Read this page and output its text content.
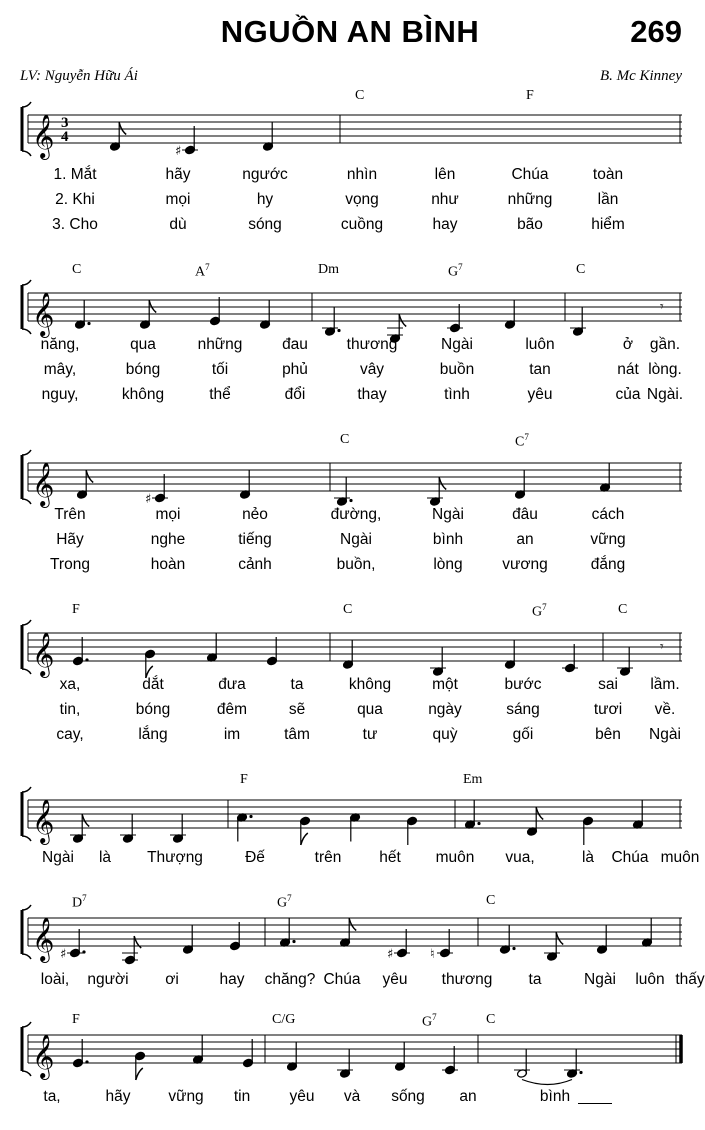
NGUỒN AN BÌNH	269
LV: Nguyễn Hữu Ái	B. Mc Kinney
𝄞	♯
𝄞	𝄾
𝄞	♯
𝄞	𝄾
𝄞
𝄞 ♯	♯	♮
𝄞
3
4
C	F
C	$A^7$	Dm	$G^7$	C
C	$C^7$
F	C	$G^7$	C
F	Em
$D^7$	$G^7$	C
F	C/G	$G^7$	C
1. Mắt	hãy	ngước	nhìn	lên	Chúa	toàn
2. Khi	mọi	hy	vọng	như	những	lần
3. Cho	dù	sóng	cuồng	hay	bão	hiểm
năng,	qua	những	đau thương	Ngài	luôn	ở gần.
mây,	bóng	tối	phủ	vây	buồn	tan	nát lòng.
nguy,	không	thể	đổi	thay	tình	yêu	của Ngài.
Trên	mọi	nẻo	đường,	Ngài	đâu	cách
Hãy	nghe	tiếng	Ngài	bình	an	vững
Trong	hoàn	cảnh	buồn,	lòng	vương	đắng
xa,	dắt	đưa	ta	không	một	bước	sai lầm.
tin,	bóng	đêm	sẽ	qua	ngày	sáng	tươi về.
cay,	lắng	im	tâm	tư	quỳ	gối	bên Ngài
Ngài là Thượng	Đế	trên hết muôn vua,	là Chúa muôn
loài, người ơi	hay chăng? Chúa yêu thương ta	Ngài luôn thấy
ta,	hãy vững tin	yêu và sống an	bình
